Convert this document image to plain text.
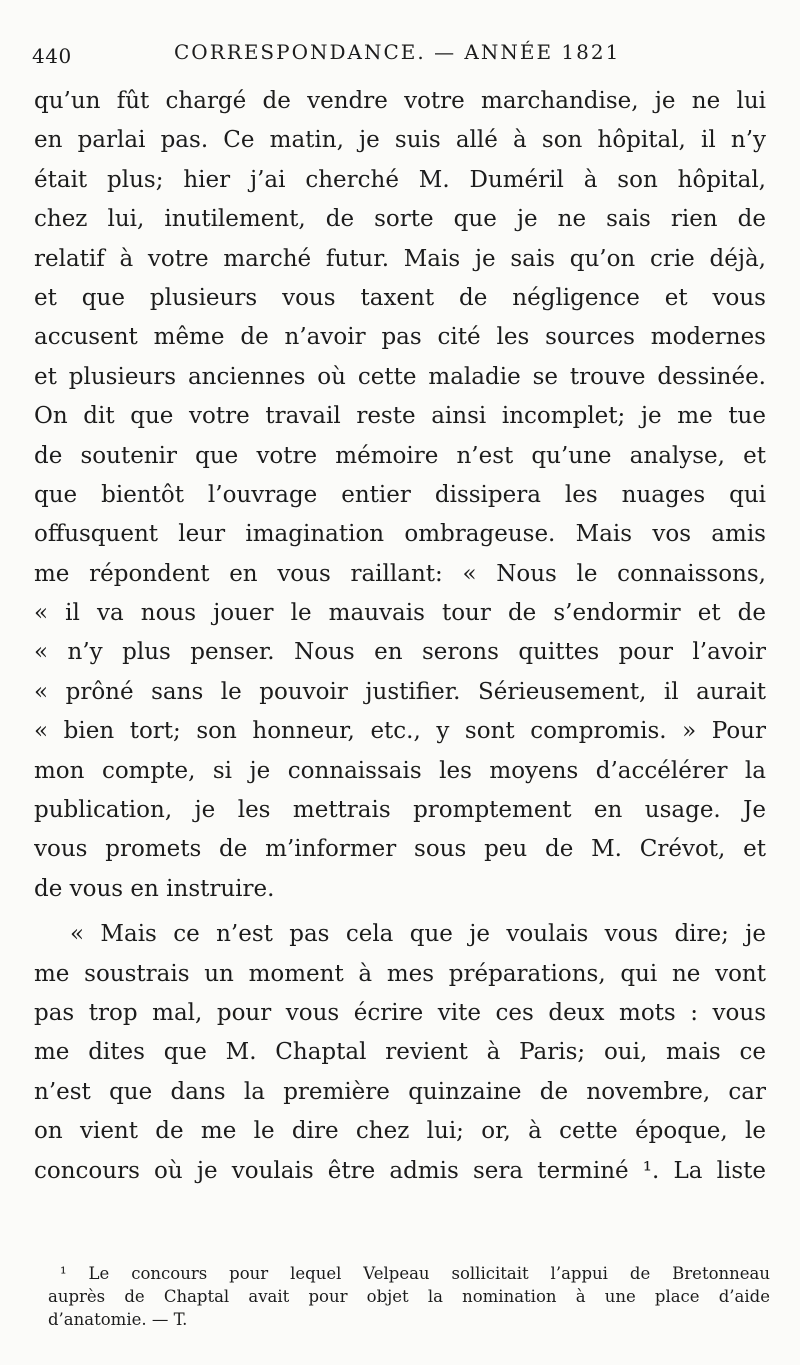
440	CORRESPONDANCE. — ANNÉE 1821
qu’un fût chargé de vendre votre marchandise, je ne lui
en parlai pas. Ce matin, je suis allé à son hôpital, il n’y
était plus; hier j’ai cherché M. Duméril à son hôpital,
chez lui, inutilement, de sorte que je ne sais rien de
relatif à votre marché futur. Mais je sais qu’on crie déjà,
et que plusieurs vous taxent de négligence et vous
accusent même de n’avoir pas cité les sources modernes
et plusieurs anciennes où cette maladie se trouve dessinée.
On dit que votre travail reste ainsi incomplet; je me tue
de soutenir que votre mémoire n’est qu’une analyse, et
que bientôt l’ouvrage entier dissipera les nuages qui
offusquent leur imagination ombrageuse. Mais vos amis
me répondent en vous raillant: « Nous le connaissons,
« il va nous jouer le mauvais tour de s’endormir et de
« n’y plus penser. Nous en serons quittes pour l’avoir
« prôné sans le pouvoir justifier. Sérieusement, il aurait
« bien tort; son honneur, etc., y sont compromis. » Pour
mon compte, si je connaissais les moyens d’accélérer la
publication, je les mettrais promptement en usage. Je
vous promets de m’informer sous peu de M. Crévot, et
de vous en instruire.
« Mais ce n’est pas cela que je voulais vous dire; je
me soustrais un moment à mes préparations, qui ne vont
pas trop mal, pour vous écrire vite ces deux mots : vous
me dites que M. Chaptal revient à Paris; oui, mais ce
n’est que dans la première quinzaine de novembre, car
on vient de me le dire chez lui; or, à cette époque, le
concours où je voulais être admis sera terminé ¹. La liste
¹ Le concours pour lequel Velpeau sollicitait l’appui de Bretonneau
auprès de Chaptal avait pour objet la nomination à une place d’aide
d’anatomie. — T.
